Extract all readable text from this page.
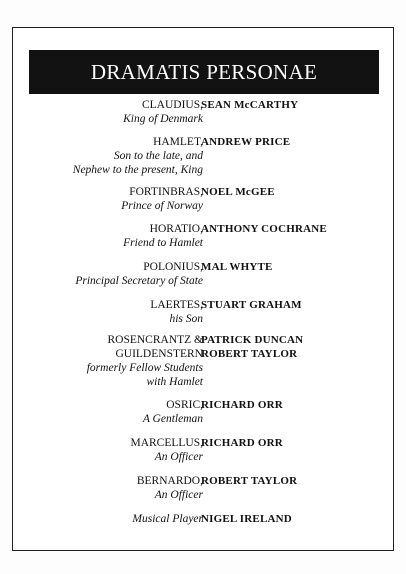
DRAMATIS PERSONAE
CLAUDIUS,
King of Denmark
SEAN McCARTHY
HAMLET,
Son to the late, and
Nephew to the present, King
ANDREW PRICE
FORTINBRAS,
Prince of Norway
NOEL McGEE
HORATIO,
Friend to Hamlet
ANTHONY COCHRANE
POLONIUS,
Principal Secretary of State
MAL WHYTE
LAERTES,
his Son
STUART GRAHAM
ROSENCRANTZ &
GUILDENSTERN
formerly Fellow Students
with Hamlet
PATRICK DUNCAN
ROBERT TAYLOR
OSRIC,
A Gentleman
RICHARD ORR
MARCELLUS,
An Officer
RICHARD ORR
BERNARDO,
An Officer
ROBERT TAYLOR
Musical Player
NIGEL IRELAND
